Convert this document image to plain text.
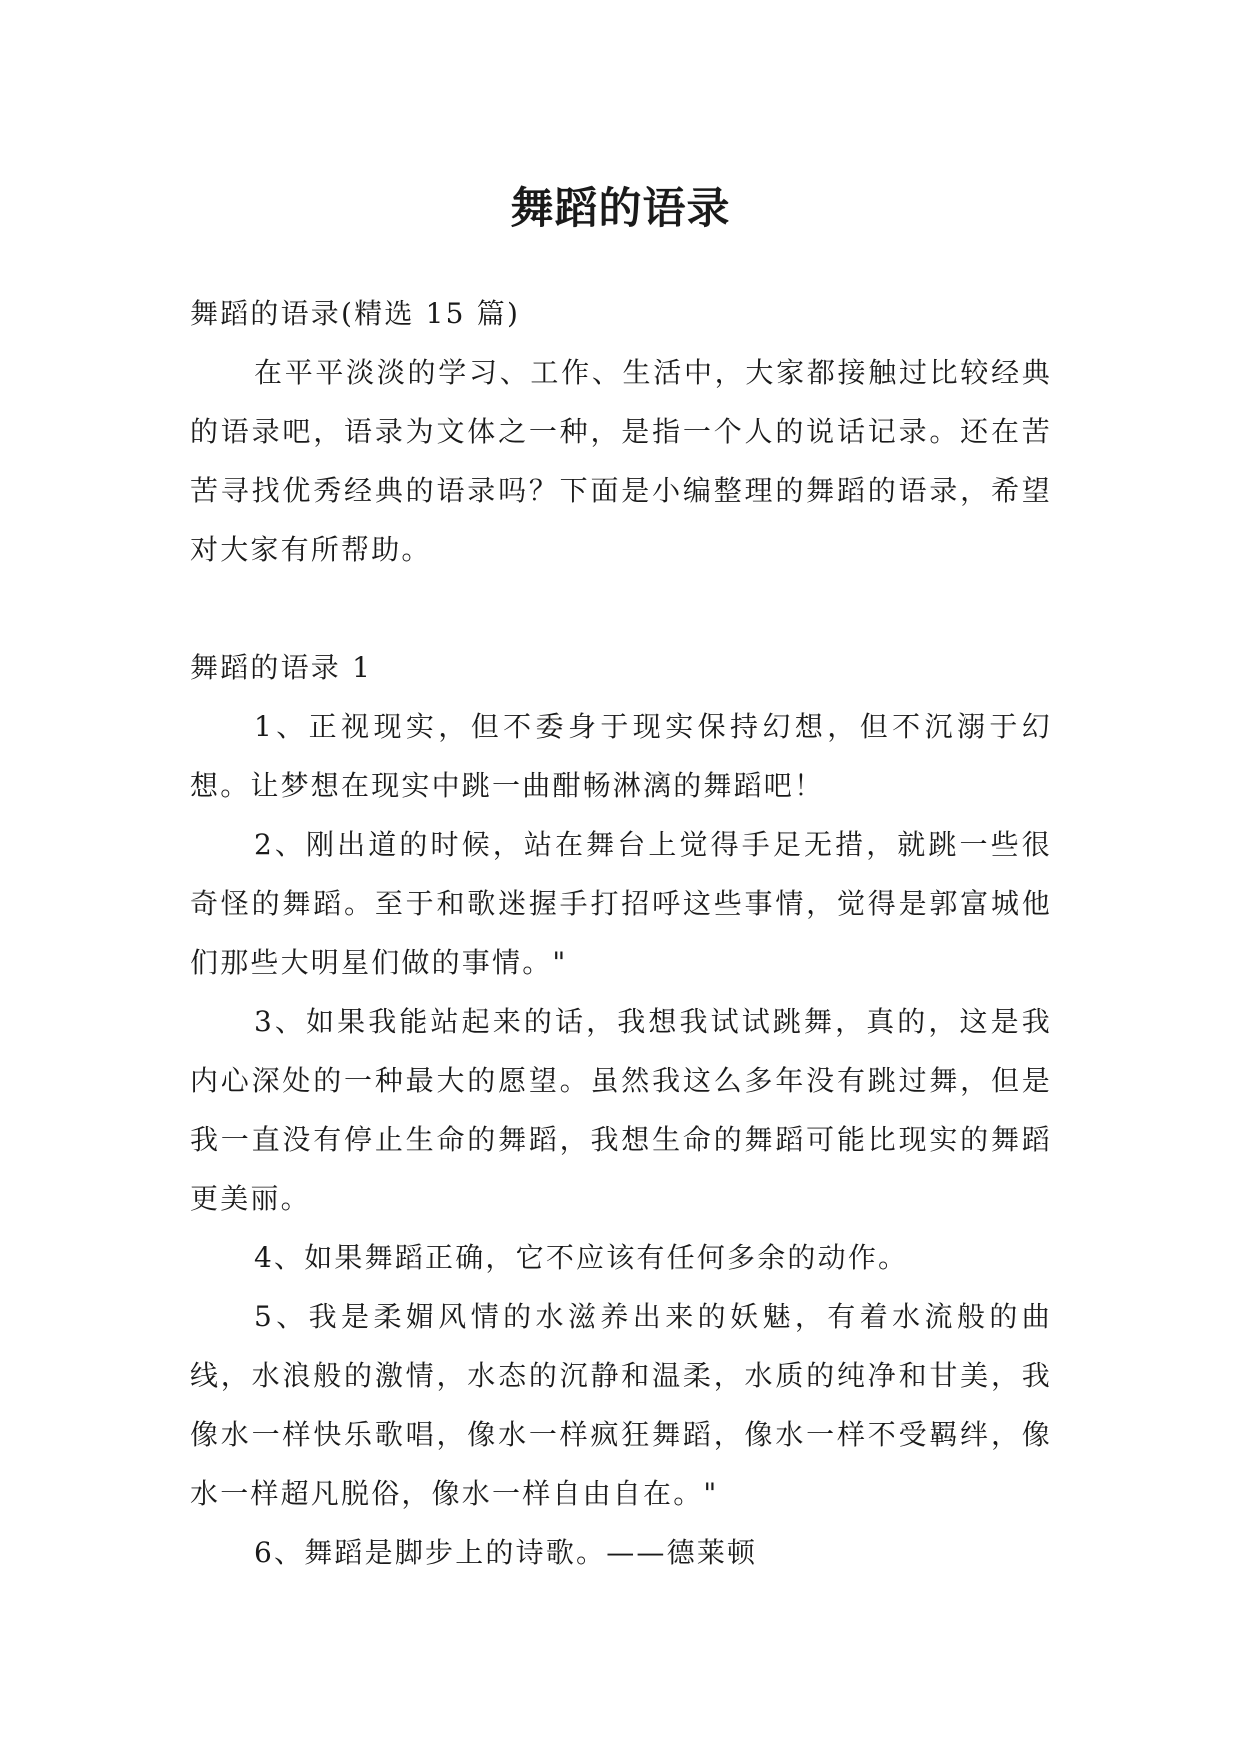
舞蹈的语录

舞蹈的语录(精选 15 篇)

在平平淡淡的学习、工作、生活中，大家都接触过比较经典的语录吧，语录为文体之一种，是指一个人的说话记录。还在苦苦寻找优秀经典的语录吗？下面是小编整理的舞蹈的语录，希望对大家有所帮助。

舞蹈的语录 1

1、正视现实，但不委身于现实保持幻想，但不沉溺于幻想。让梦想在现实中跳一曲酣畅淋漓的舞蹈吧！

2、刚出道的时候，站在舞台上觉得手足无措，就跳一些很奇怪的舞蹈。至于和歌迷握手打招呼这些事情，觉得是郭富城他们那些大明星们做的事情。"

3、如果我能站起来的话，我想我试试跳舞，真的，这是我内心深处的一种最大的愿望。虽然我这么多年没有跳过舞，但是我一直没有停止生命的舞蹈，我想生命的舞蹈可能比现实的舞蹈更美丽。

4、如果舞蹈正确，它不应该有任何多余的动作。

5、我是柔媚风情的水滋养出来的妖魅，有着水流般的曲线，水浪般的激情，水态的沉静和温柔，水质的纯净和甘美，我像水一样快乐歌唱，像水一样疯狂舞蹈，像水一样不受羁绊，像水一样超凡脱俗，像水一样自由自在。"

6、舞蹈是脚步上的诗歌。——德莱顿
